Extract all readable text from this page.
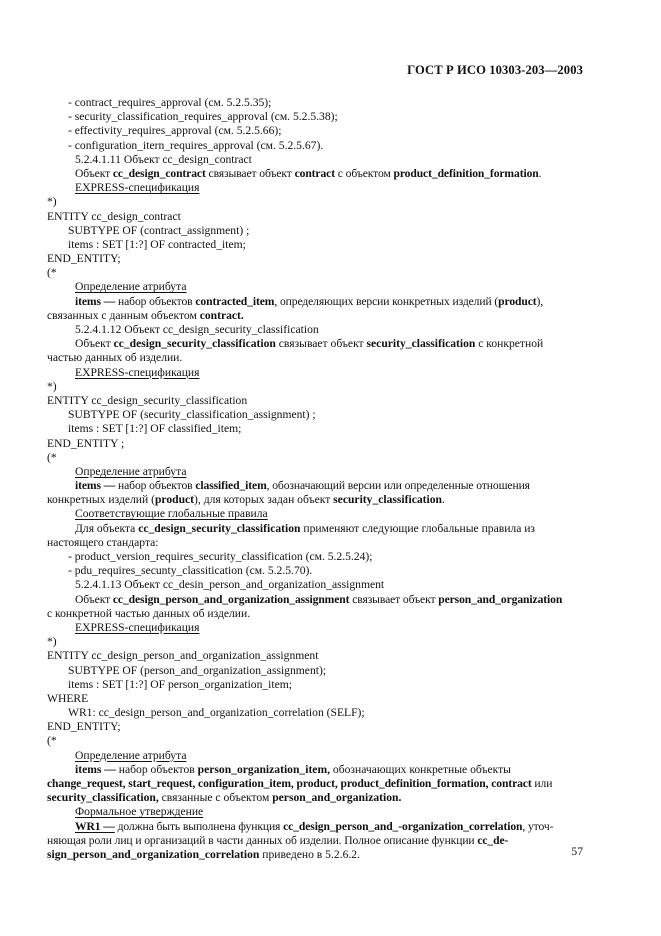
ГОСТ Р ИСО 10303-203—2003
- contract_requires_approval (см. 5.2.5.35);
- security_classification_requires_approval (см. 5.2.5.38);
- effectivity_requires_approval (см. 5.2.5.66);
- configuration_itern_requires_approval (см. 5.2.5.67).
5.2.4.1.11 Объект cc_design_contract
Объект cc_design_contract связывает объект contract с объектом product_definition_formation.
EXPRESS-спецификация
*)
ENTITY cc_design_contract
SUBTYPE OF (contract_assignment) ;
items : SET [1:?] OF contracted_item;
END_ENTITY;
(*
Определение атрибута
items — набор объектов contracted_item, определяющих версии конкретных изделий (product),
связанных с данным объектом contract.
5.2.4.1.12 Объект cc_design_security_classification
Объект cc_design_security_classification связывает объект security_classification с конкретной
частью данных об изделии.
EXPRESS-спецификация
*)
ENTITY cc_design_security_classification
SUBTYPE OF (security_classification_assignment) ;
items : SET [1:?] OF classified_item;
END_ENTITY ;
(*
Определение атрибута
items — набор объектов classified_item, обозначающий версии или определенные отношения
конкретных изделий (product), для которых задан объект security_classification.
Соответствующие глобальные правила
Для объекта cc_design_security_classification применяют следующие глобальные правила из
настоящего стандарта:
- product_version_requires_security_classification (см. 5.2.5.24);
- pdu_requires_secunty_classitication (см. 5.2.5.70).
5.2.4.1.13 Объект cc_desin_person_and_organization_assignment
Объект cc_design_person_and_organization_assignment связывает объект person_and_organization
с конкретной частью данных об изделии.
EXPRESS-спецификация
*)
ENTITY cc_design_person_and_organization_assignment
SUBTYPE OF (person_and_organization_assignment);
items : SET [1:?] OF person_organization_item;
WHERE
WR1: cc_design_person_and_organization_correlation (SELF);
END_ENTITY;
(*
Определение атрибута
items — набор объектов person_organization_item, обозначающих конкретные объекты
change_request, start_request, configuration_item, product, product_definition_formation, contract или
security_classification, связанные с объектом person_and_organization.
Формальное утверждение
WR1 — должна быть выполнена функция cc_design_person_and_-organization_correlation, уточ-
няющая роли лиц и организаций в части данных об изделии. Полное описание функции cc_de-
sign_person_and_organization_correlation приведено в 5.2.6.2.	57
